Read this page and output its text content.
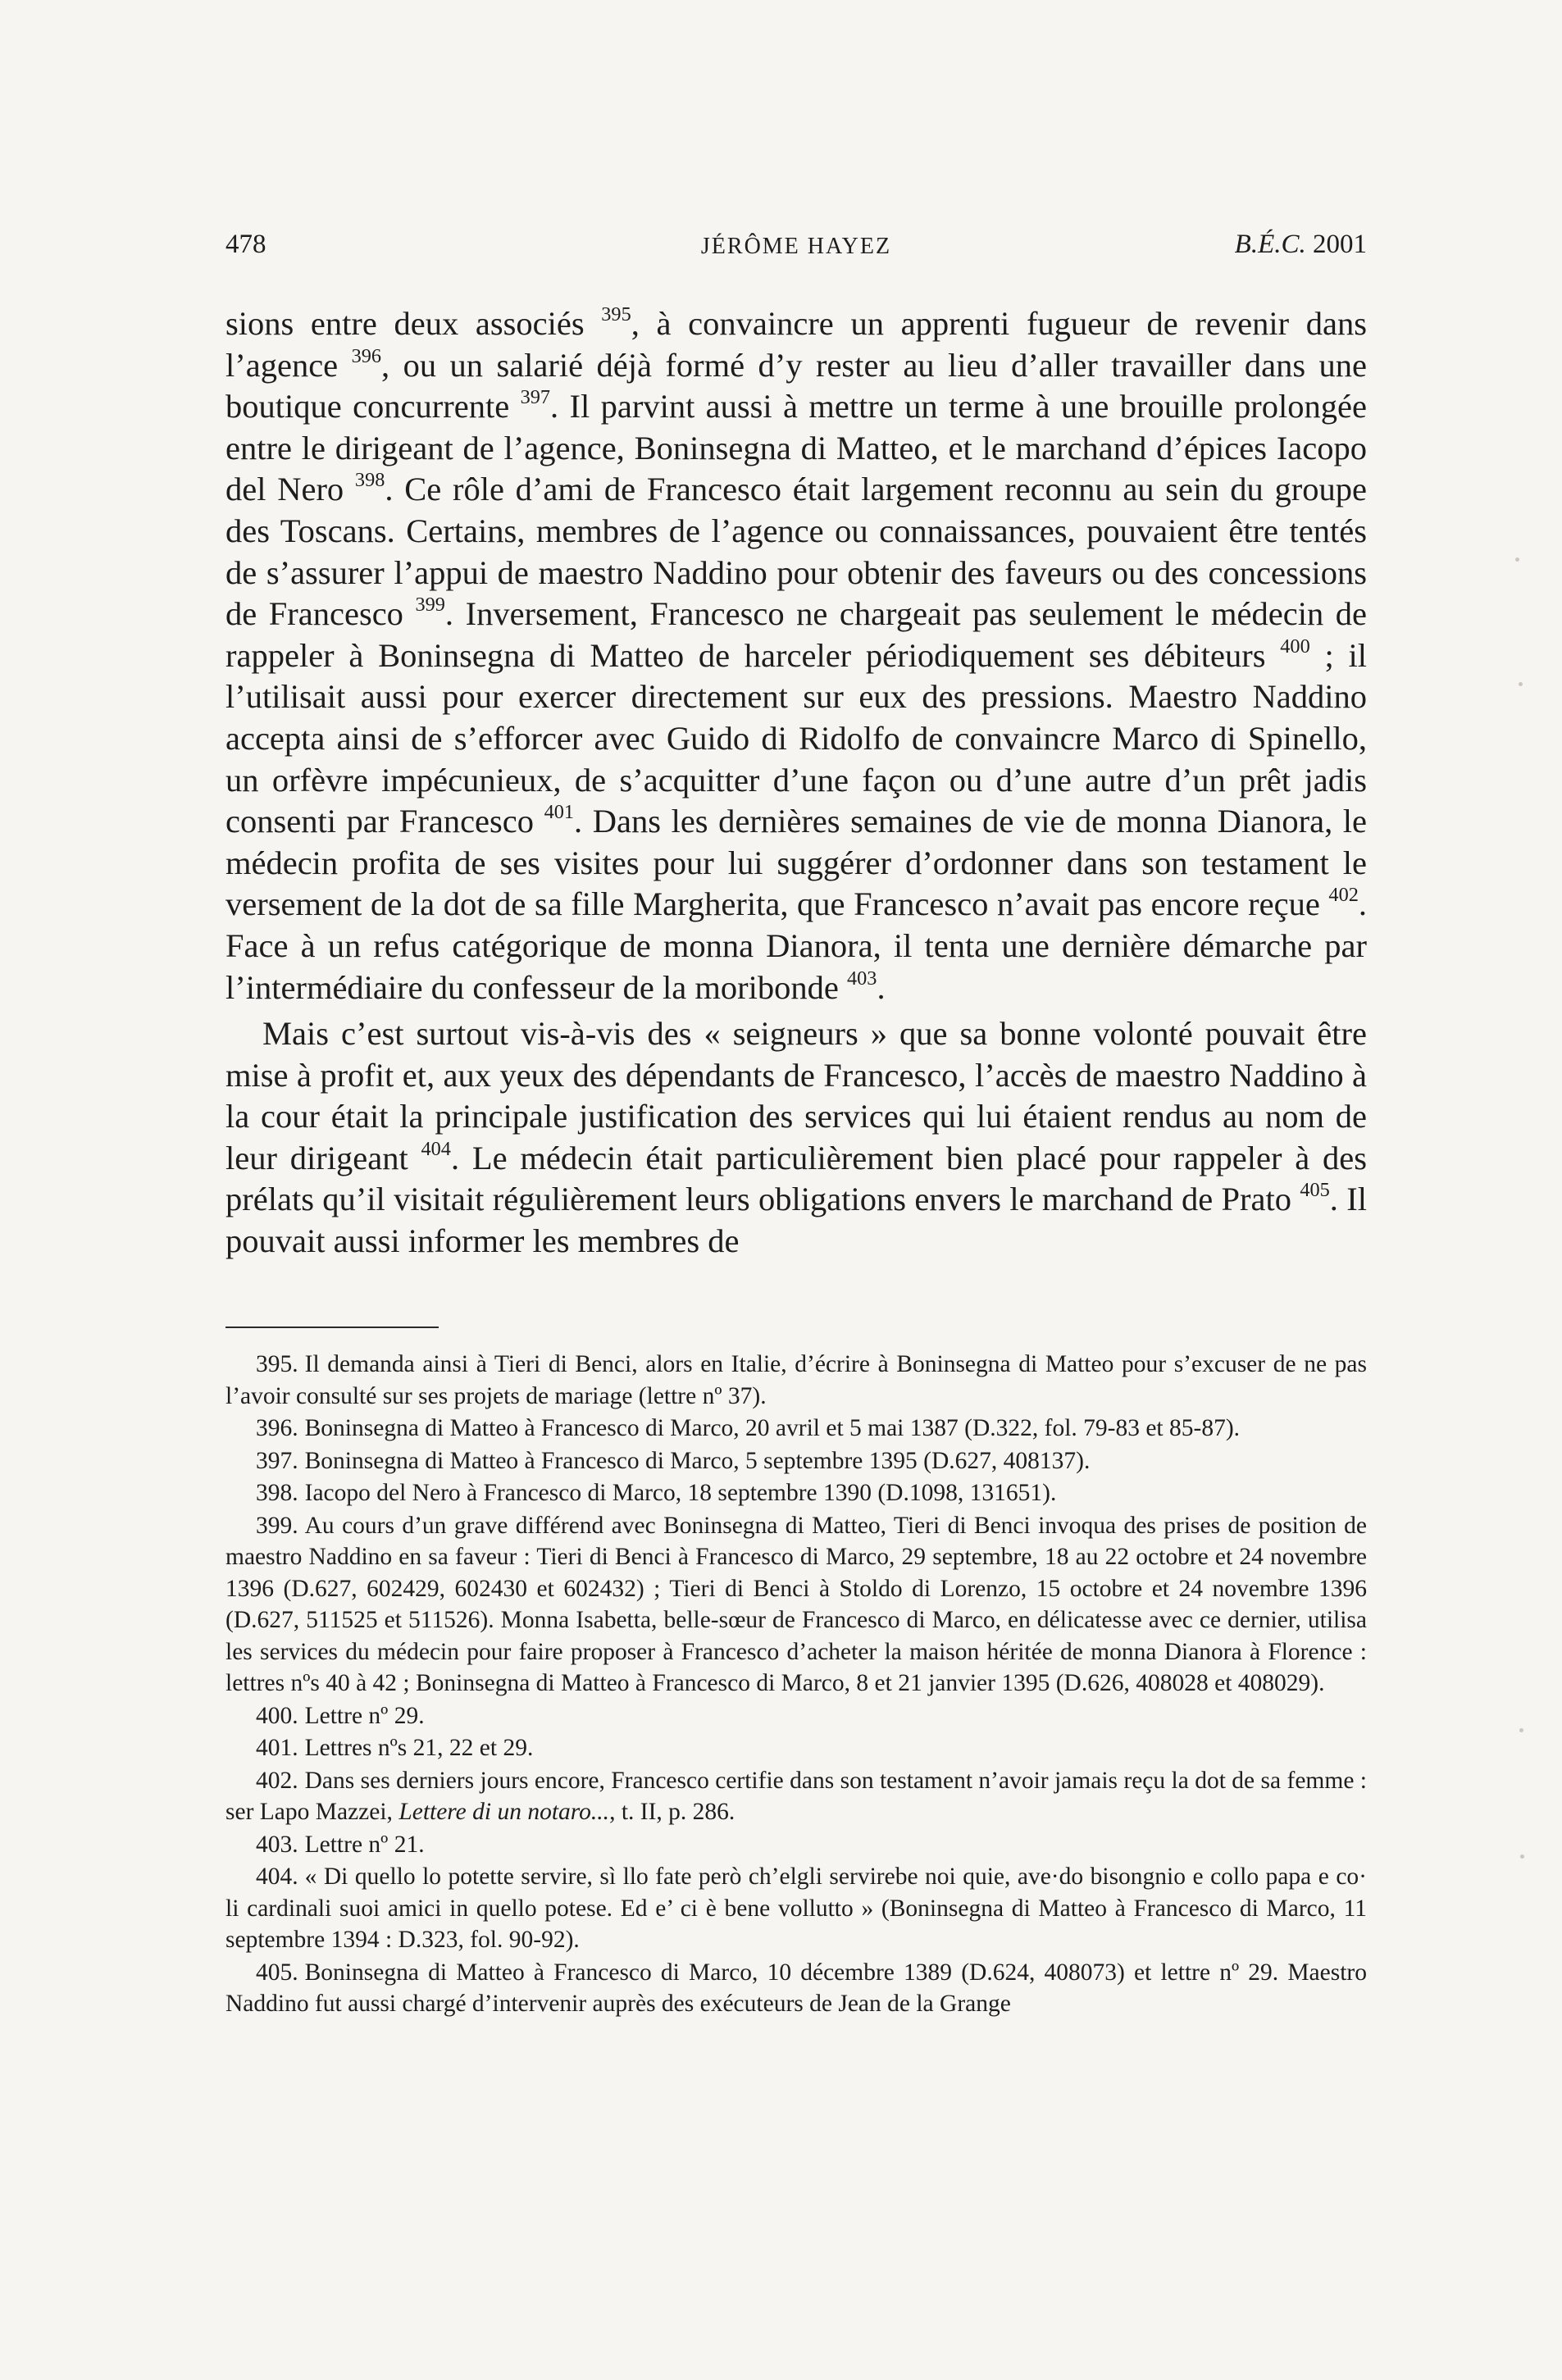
478	JÉRÔME HAYEZ	B.É.C. 2001

sions entre deux associés $^{395}$, à convaincre un apprenti fugueur de revenir dans l’agence $^{396}$, ou un salarié déjà formé d’y rester au lieu d’aller travailler dans une boutique concurrente $^{397}$. Il parvint aussi à mettre un terme à une brouille prolongée entre le dirigeant de l’agence, Boninsegna di Matteo, et le marchand d’épices Iacopo del Nero $^{398}$. Ce rôle d’ami de Francesco était largement reconnu au sein du groupe des Toscans. Certains, membres de l’agence ou connaissances, pouvaient être tentés de s’assurer l’appui de maestro Naddino pour obtenir des faveurs ou des concessions de Francesco $^{399}$. Inversement, Francesco ne chargeait pas seulement le médecin de rappeler à Boninsegna di Matteo de harceler périodiquement ses débiteurs $^{400}$ ; il l’utilisait aussi pour exercer directement sur eux des pressions. Maestro Naddino accepta ainsi de s’efforcer avec Guido di Ridolfo de convaincre Marco di Spinello, un orfèvre impécunieux, de s’acquitter d’une façon ou d’une autre d’un prêt jadis consenti par Francesco $^{401}$. Dans les dernières semaines de vie de monna Dianora, le médecin profita de ses visites pour lui suggérer d’ordonner dans son testament le versement de la dot de sa fille Margherita, que Francesco n’avait pas encore reçue $^{402}$. Face à un refus catégorique de monna Dianora, il tenta une dernière démarche par l’intermédiaire du confesseur de la moribonde $^{403}$.

Mais c’est surtout vis-à-vis des « seigneurs » que sa bonne volonté pouvait être mise à profit et, aux yeux des dépendants de Francesco, l’accès de maestro Naddino à la cour était la principale justification des services qui lui étaient rendus au nom de leur dirigeant $^{404}$. Le médecin était particulièrement bien placé pour rappeler à des prélats qu’il visitait régulièrement leurs obligations envers le marchand de Prato $^{405}$. Il pouvait aussi informer les membres de

395. Il demanda ainsi à Tieri di Benci, alors en Italie, d’écrire à Boninsegna di Matteo pour s’excuser de ne pas l’avoir consulté sur ses projets de mariage (lettre nº 37).

396. Boninsegna di Matteo à Francesco di Marco, 20 avril et 5 mai 1387 (D.322, fol. 79-83 et 85-87).

397. Boninsegna di Matteo à Francesco di Marco, 5 septembre 1395 (D.627, 408137).

398. Iacopo del Nero à Francesco di Marco, 18 septembre 1390 (D.1098, 131651).

399. Au cours d’un grave différend avec Boninsegna di Matteo, Tieri di Benci invoqua des prises de position de maestro Naddino en sa faveur : Tieri di Benci à Francesco di Marco, 29 septembre, 18 au 22 octobre et 24 novembre 1396 (D.627, 602429, 602430 et 602432) ; Tieri di Benci à Stoldo di Lorenzo, 15 octobre et 24 novembre 1396 (D.627, 511525 et 511526). Monna Isabetta, belle-sœur de Francesco di Marco, en délicatesse avec ce dernier, utilisa les services du médecin pour faire proposer à Francesco d’acheter la maison héritée de monna Dianora à Florence : lettres nºs 40 à 42 ; Boninsegna di Matteo à Francesco di Marco, 8 et 21 janvier 1395 (D.626, 408028 et 408029).

400. Lettre nº 29.

401. Lettres nºs 21, 22 et 29.

402. Dans ses derniers jours encore, Francesco certifie dans son testament n’avoir jamais reçu la dot de sa femme : ser Lapo Mazzei, Lettere di un notaro..., t. II, p. 286.

403. Lettre nº 21.

404. « Di quello lo potette servire, sì llo fate però ch’elgli servirebe noi quie, ave·do bisongnio e collo papa e co· li cardinali suoi amici in quello potese. Ed e’ ci è bene vollutto » (Boninsegna di Matteo à Francesco di Marco, 11 septembre 1394 : D.323, fol. 90-92).

405. Boninsegna di Matteo à Francesco di Marco, 10 décembre 1389 (D.624, 408073) et lettre nº 29. Maestro Naddino fut aussi chargé d’intervenir auprès des exécuteurs de Jean de la Grange
